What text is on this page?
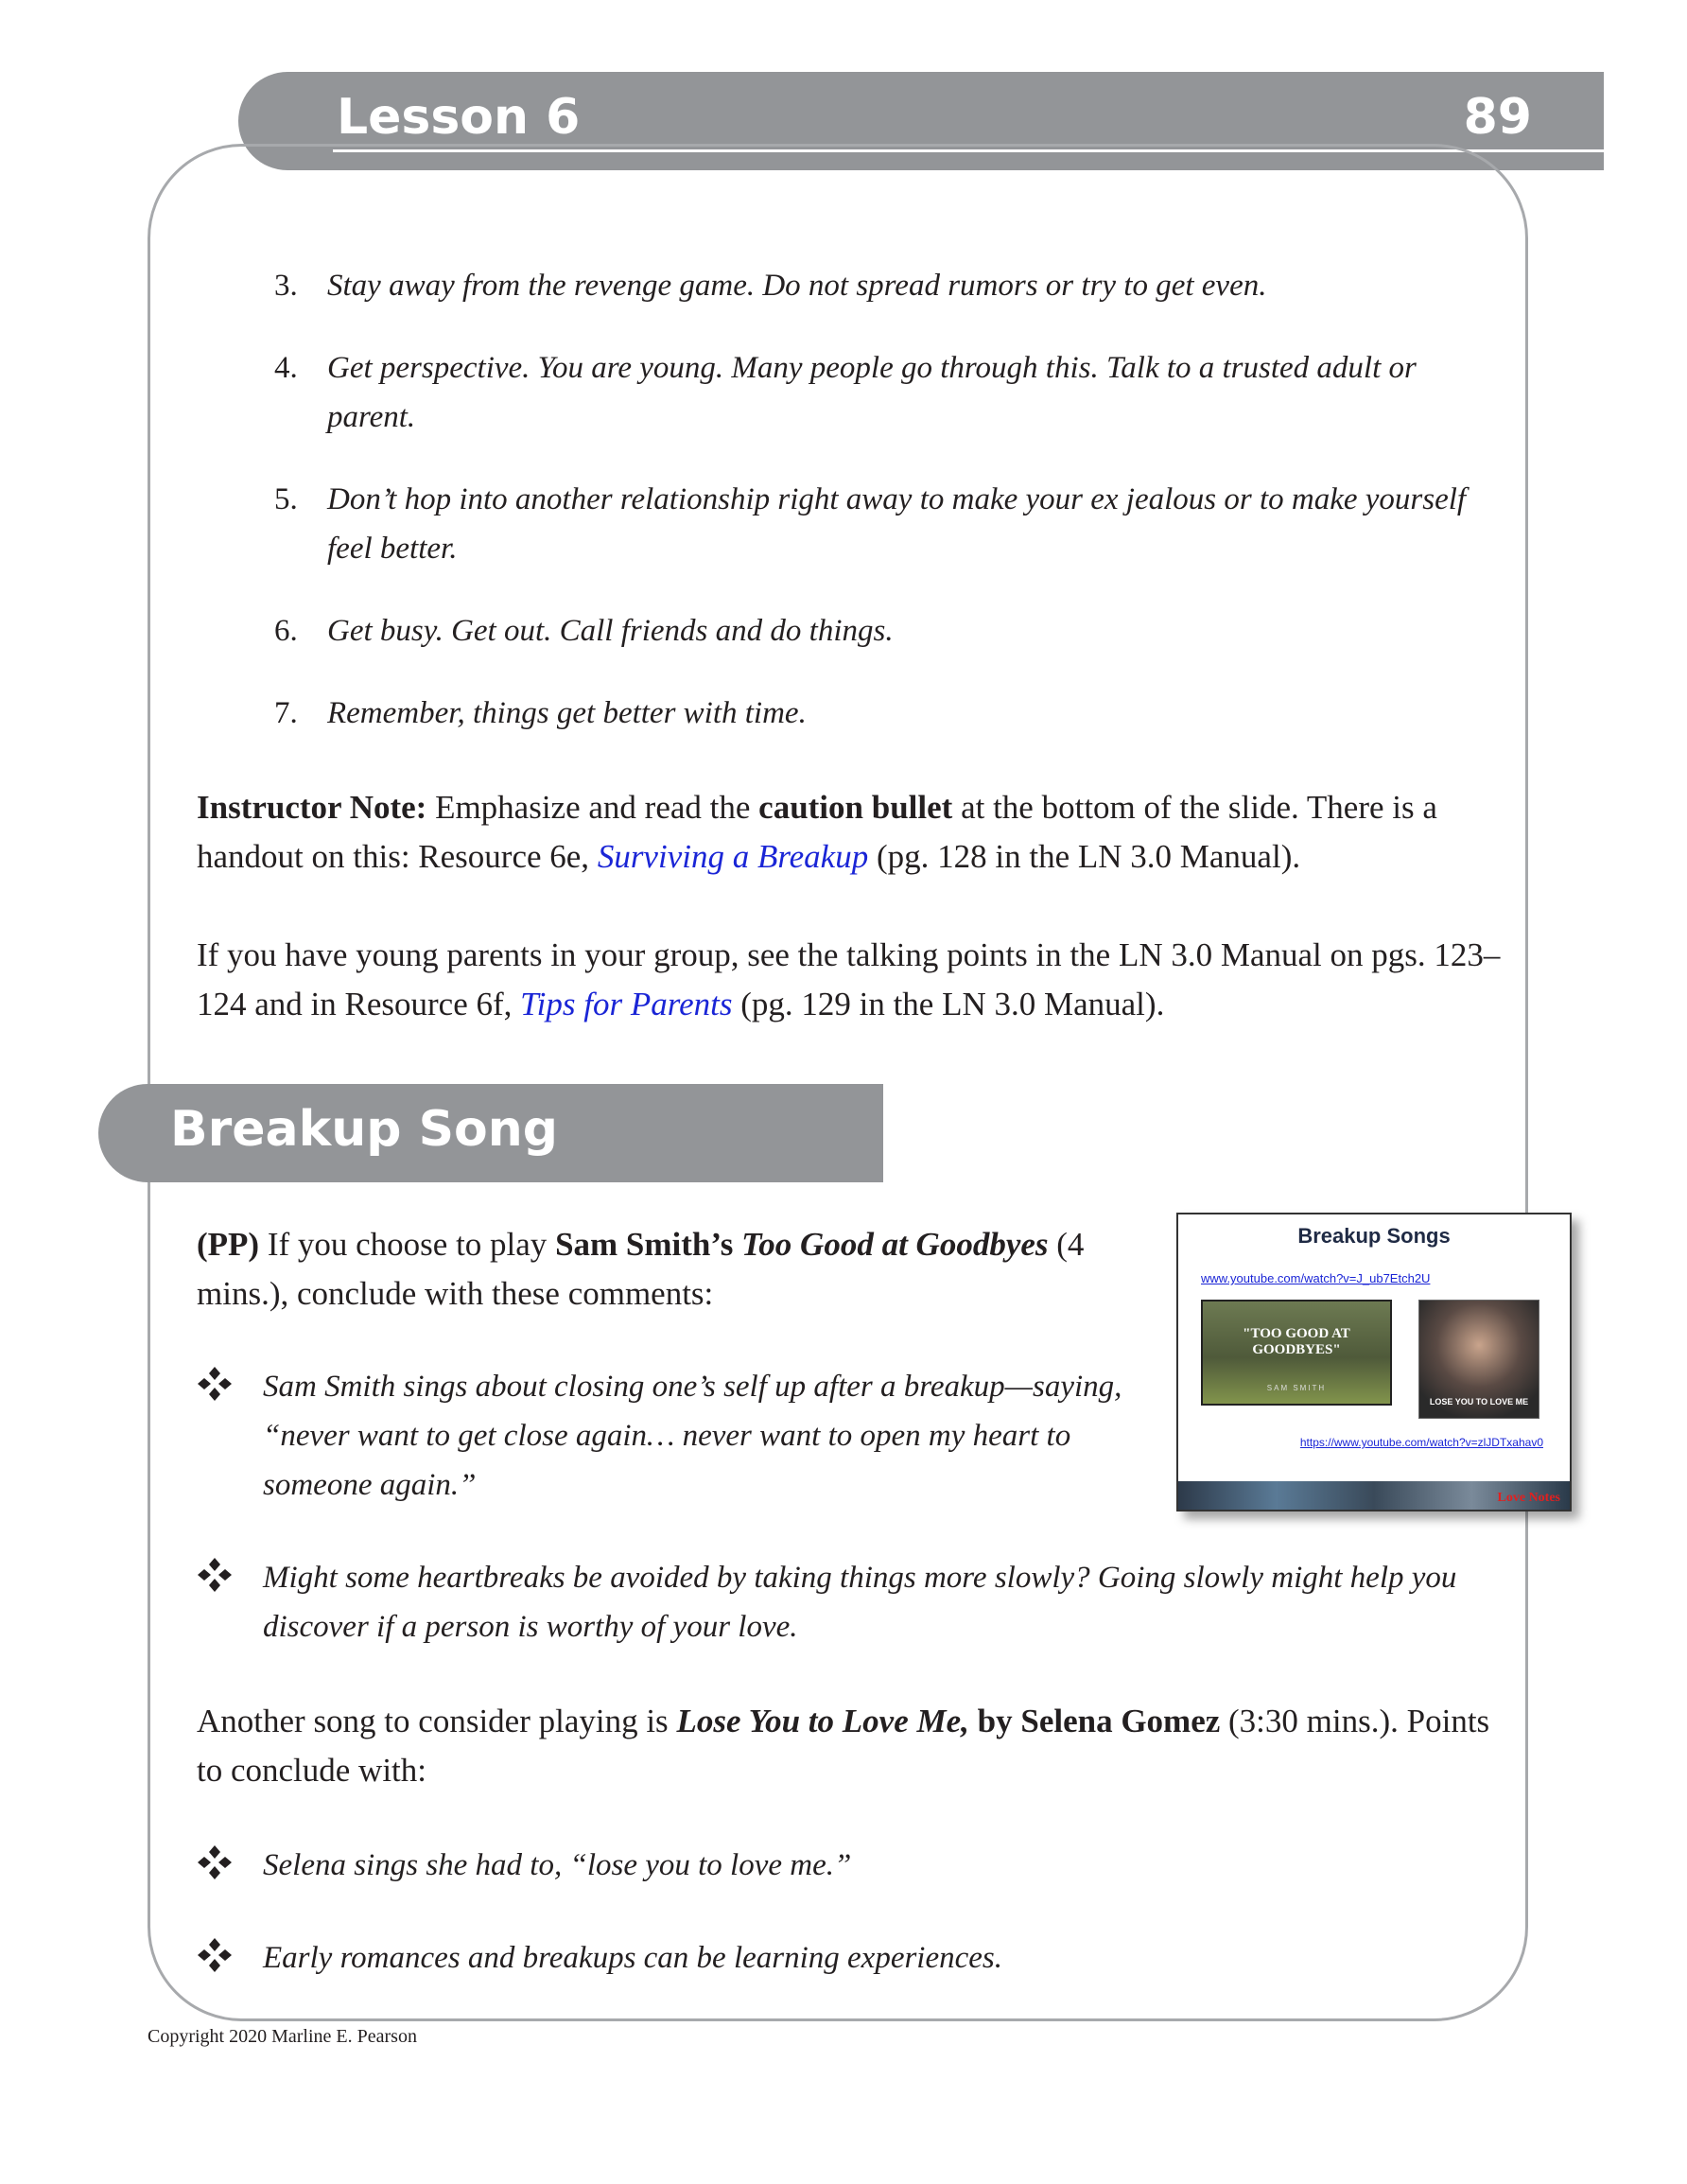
Lesson 6	89
3. Stay away from the revenge game. Do not spread rumors or try to get even.
4. Get perspective. You are young. Many people go through this. Talk to a trusted adult or parent.
5. Don’t hop into another relationship right away to make your ex jealous or to make yourself feel better.
6. Get busy. Get out. Call friends and do things.
7. Remember, things get better with time.

Instructor Note: Emphasize and read the caution bullet at the bottom of the slide. There is a handout on this: Resource 6e, Surviving a Breakup (pg. 128 in the LN 3.0 Manual).

If you have young parents in your group, see the talking points in the LN 3.0 Manual on pgs. 123–124 and in Resource 6f, Tips for Parents (pg. 129 in the LN 3.0 Manual).

Breakup Song

(PP) If you choose to play Sam Smith’s Too Good at Goodbyes (4 mins.), conclude with these comments:

Sam Smith sings about closing one’s self up after a breakup—saying, “never want to get close again… never want to open my heart to someone again.”
Might some heartbreaks be avoided by taking things more slowly? Going slowly might help you discover if a person is worthy of your love.

Another song to consider playing is Lose You to Love Me, by Selena Gomez (3:30 mins.). Points to conclude with:

Selena sings she had to, “lose you to love me.”
Early romances and breakups can be learning experiences.
Breakup Songs
www.youtube.com/watch?v=J_ub7Etch2U
"TOO GOOD AT GOODBYES"
SAM SMITH
LOSE YOU TO LOVE ME
https://www.youtube.com/watch?v=zlJDTxahav0
Love Notes
Copyright 2020 Marline E. Pearson
